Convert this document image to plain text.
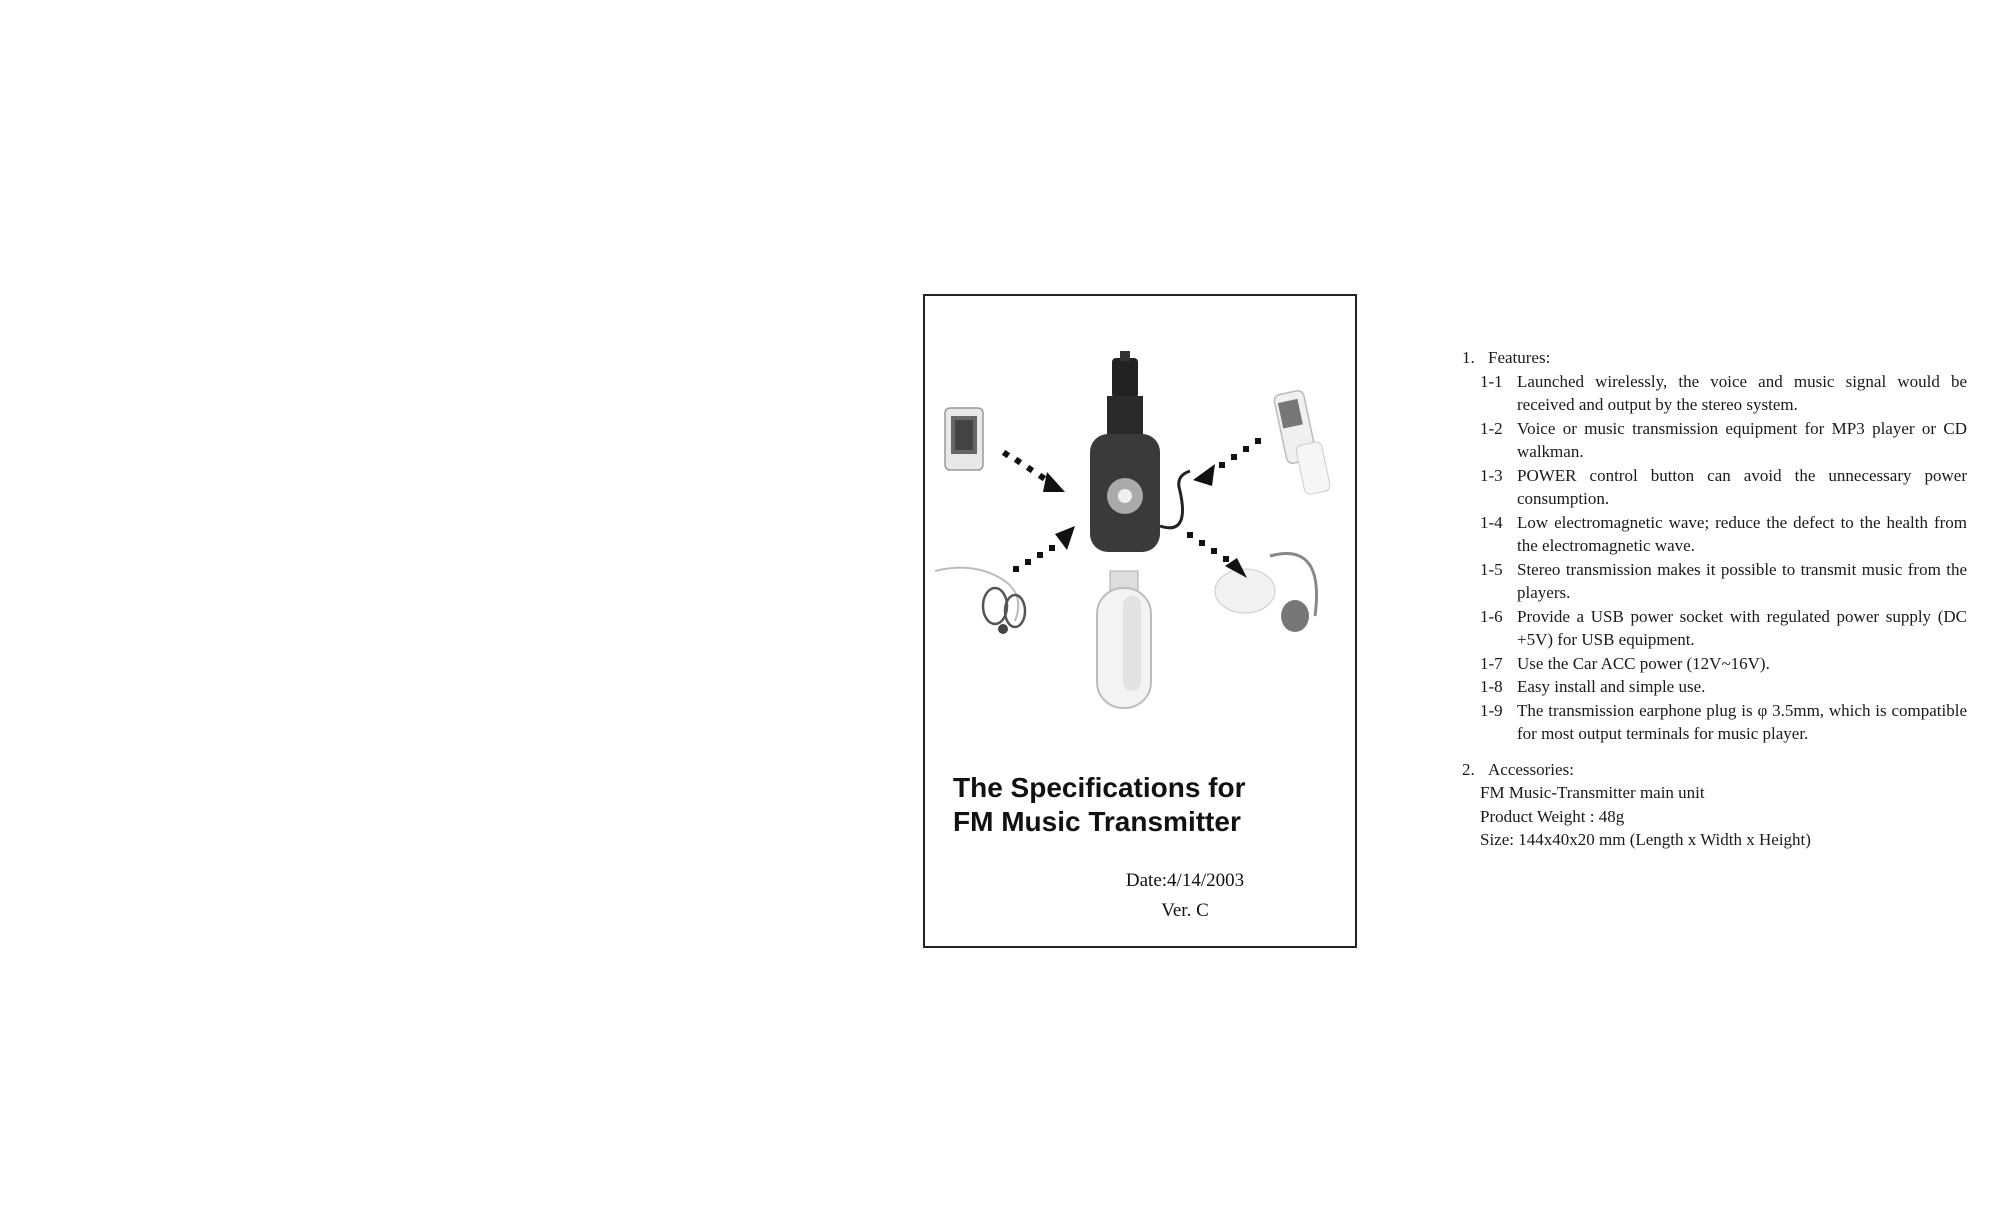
The Specifications for
FM Music Transmitter
Date:4/14/2003
Ver. C
1. Features:
1-1 Launched wirelessly, the voice and music signal would be received and output by the stereo system.
1-2 Voice or music transmission equipment for MP3 player or CD walkman.
1-3 POWER control button can avoid the unnecessary power consumption.
1-4 Low electromagnetic wave; reduce the defect to the health from the electromagnetic wave.
1-5 Stereo transmission makes it possible to transmit music from the players.
1-6 Provide a USB power socket with regulated power supply (DC +5V) for USB equipment.
1-7 Use the Car ACC power (12V~16V).
1-8 Easy install and simple use.
1-9 The transmission earphone plug is φ 3.5mm, which is compatible for most output terminals for music player.
2. Accessories:
FM Music-Transmitter main unit
Product Weight : 48g
Size: 144x40x20 mm (Length x Width x Height)
